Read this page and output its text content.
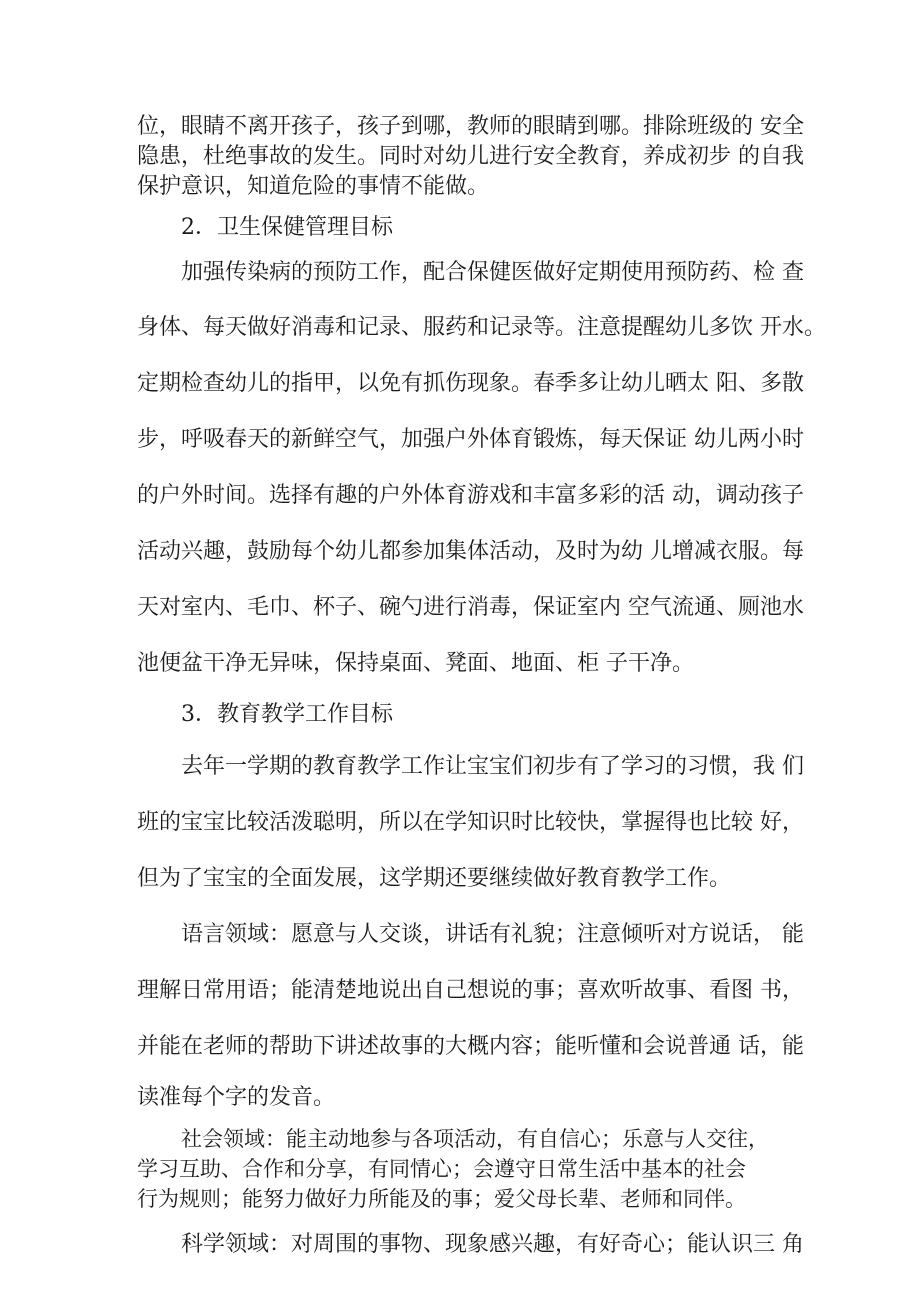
位，眼睛不离开孩子，孩子到哪，教师的眼睛到哪。排除班级的 安全

隐患，杜绝事故的发生。同时对幼儿进行安全教育，养成初步 的自我

保护意识，知道危险的事情不能做。

2．卫生保健管理目标

加强传染病的预防工作，配合保健医做好定期使用预防药、检 查

身体、每天做好消毒和记录、服药和记录等。注意提醒幼儿多饮 开水。

定期检查幼儿的指甲，以免有抓伤现象。春季多让幼儿晒太 阳、多散

步，呼吸春天的新鲜空气，加强户外体育锻炼，每天保证 幼儿两小时

的户外时间。选择有趣的户外体育游戏和丰富多彩的活 动，调动孩子

活动兴趣，鼓励每个幼儿都参加集体活动，及时为幼 儿增减衣服。每

天对室内、毛巾、杯子、碗勺进行消毒，保证室内 空气流通、厕池水

池便盆干净无异味，保持桌面、凳面、地面、柜 子干净。

3．教育教学工作目标

去年一学期的教育教学工作让宝宝们初步有了学习的习惯，我 们

班的宝宝比较活泼聪明，所以在学知识时比较快，掌握得也比较 好，

但为了宝宝的全面发展，这学期还要继续做好教育教学工作。

语言领域：愿意与人交谈，讲话有礼貌；注意倾听对方说话， 能

理解日常用语；能清楚地说出自己想说的事；喜欢听故事、看图 书，

并能在老师的帮助下讲述故事的大概内容；能听懂和会说普通 话，能

读准每个字的发音。

社会领域：能主动地参与各项活动，有自信心；乐意与人交往，

学习互助、合作和分享，有同情心；会遵守日常生活中基本的社会

行为规则；能努力做好力所能及的事；爱父母长辈、老师和同伴。

科学领域：对周围的事物、现象感兴趣，有好奇心；能认识三 角
